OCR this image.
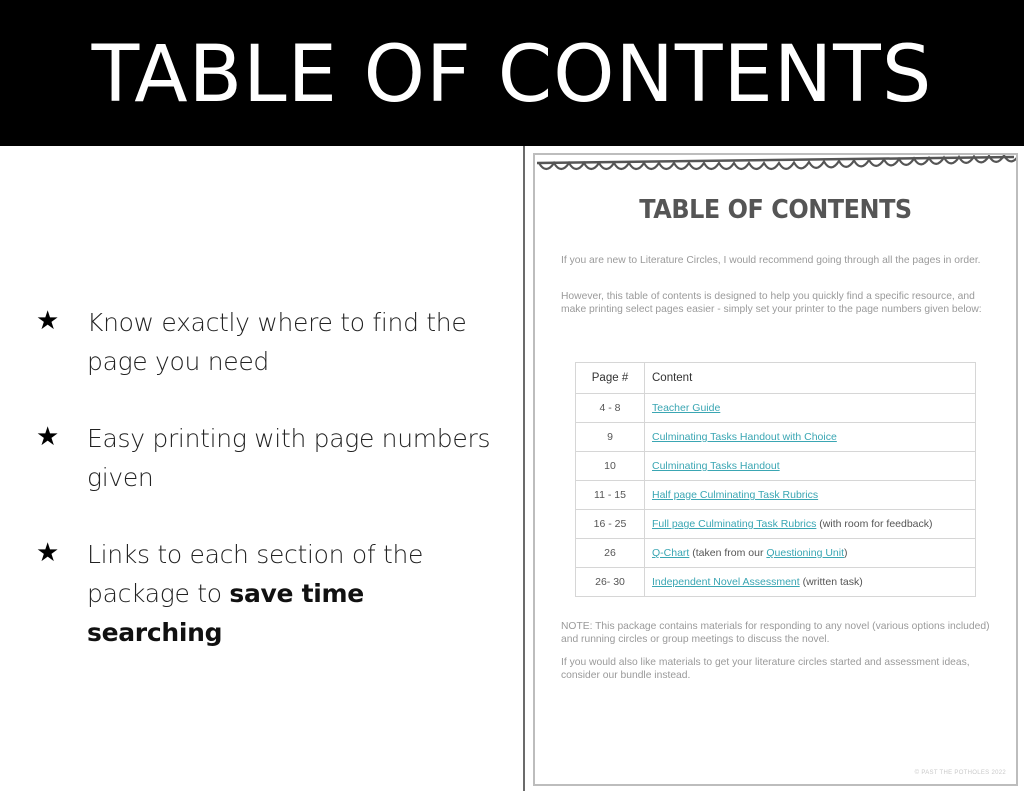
TABLE OF CONTENTS
★	Know exactly where to find the page you need
★	Easy printing with page numbers given
★	Links to each section of the package to save time searching
TABLE OF CONTENTS

If you are new to Literature Circles, I would recommend going through all the pages in order.

However, this table of contents is designed to help you quickly find a specific resource, and make printing select pages easier - simply set your printer to the page numbers given below:

Page #	Content
4 - 8	Teacher Guide
9	Culminating Tasks Handout with Choice
10	Culminating Tasks Handout
11 - 15	Half page Culminating Task Rubrics
16 - 25	Full page Culminating Task Rubrics (with room for feedback)
26	Q-Chart (taken from our Questioning Unit)
26- 30	Independent Novel Assessment (written task)

NOTE: This package contains materials for responding to any novel (various options included) and running circles or group meetings to discuss the novel.

If you would also like materials to get your literature circles started and assessment ideas, consider our bundle instead.

© PAST THE POTHOLES 2022
